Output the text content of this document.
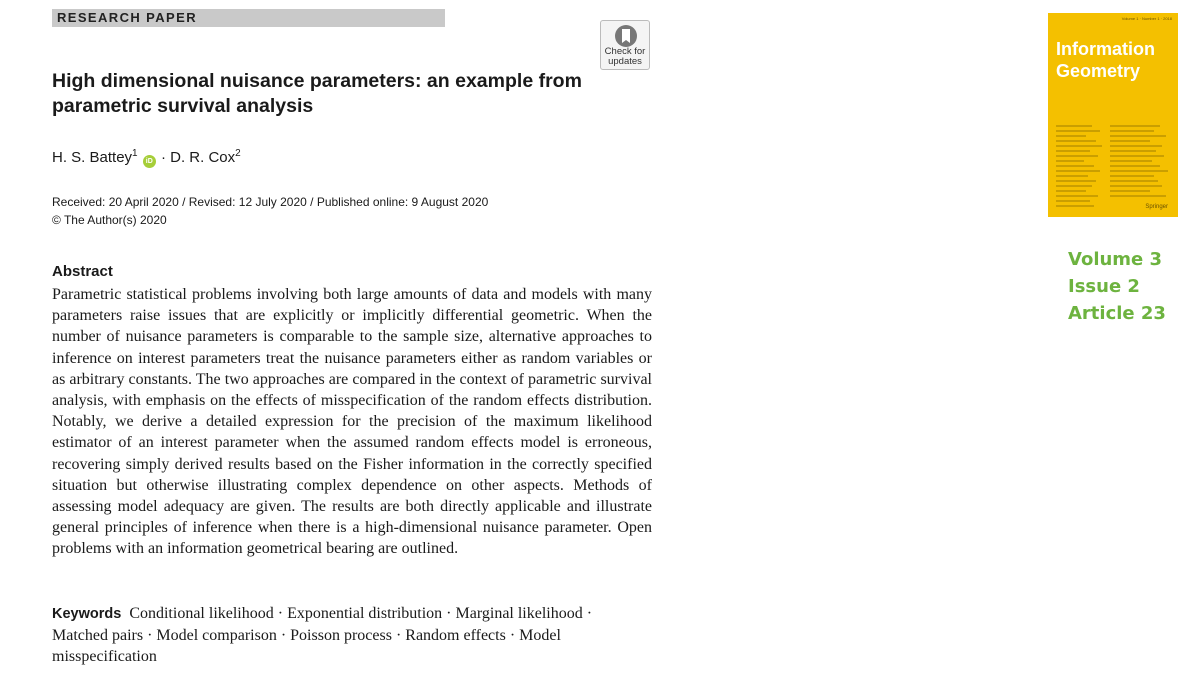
RESEARCH PAPER
Check for
updates
High dimensional nuisance parameters: an example from parametric survival analysis
H. S. Battey$^1$ iD · D. R. Cox$^2$
Received: 20 April 2020 / Revised: 12 July 2020 / Published online: 9 August 2020
© The Author(s) 2020
Abstract

Parametric statistical problems involving both large amounts of data and models with many parameters raise issues that are explicitly or implicitly differential geometric. When the number of nuisance parameters is comparable to the sample size, alternative approaches to inference on interest parameters treat the nuisance parameters either as random variables or as arbitrary constants. The two approaches are compared in the context of parametric survival analysis, with emphasis on the effects of misspecification of the random effects distribution. Notably, we derive a detailed expression for the precision of the maximum likelihood estimator of an interest parameter when the assumed random effects model is erroneous, recovering simply derived results based on the Fisher information in the correctly specified situation but otherwise illustrating complex dependence on other aspects. Methods of assessing model adequacy are given. The results are both directly applicable and illustrate general principles of inference when there is a high-dimensional nuisance parameter. Open problems with an information geometrical bearing are outlined.

Keywords Conditional likelihood · Exponential distribution · Marginal likelihood · Matched pairs · Model comparison · Poisson process · Random effects · Model misspecification

Volume 1 · Number 1 · 2018
Information Geometry
Springer
Volume 3
Issue 2
Article 23
